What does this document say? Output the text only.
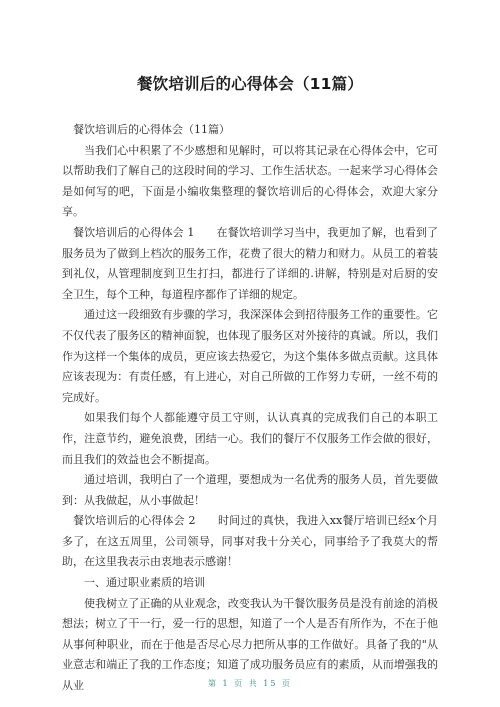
餐饮培训后的心得体会（11篇）

餐饮培训后的心得体会（11篇）

当我们心中积累了不少感想和见解时，可以将其记录在心得体会中，它可以帮助我们了解自己的这段时间的学习、工作生活状态。一起来学习心得体会是如何写的吧，下面是小编收集整理的餐饮培训后的心得体会，欢迎大家分享。

餐饮培训后的心得体会 1　　在餐饮培训学习当中，我更加了解，也看到了服务员为了做到上档次的服务工作，花费了很大的精力和财力。从员工的着装到礼仪，从管理制度到卫生打扫，都进行了详细的.讲解，特别是对后厨的安全卫生，每个工种，每道程序都作了详细的规定。

通过这一段细致有步骤的学习，我深深体会到招待服务工作的重要性。它不仅代表了服务区的精神面貌，也体现了服务区对外接待的真诚。所以，我们作为这样一个集体的成员，更应该去热爱它，为这个集体多做点贡献。这具体应该表现为：有责任感，有上进心，对自己所做的工作努力专研，一丝不苟的完成好。

如果我们每个人都能遵守员工守则，认认真真的完成我们自己的本职工作，注意节约，避免浪费，团结一心。我们的餐厅不仅服务工作会做的很好，而且我们的效益也会不断提高。

通过培训，我明白了一个道理，要想成为一名优秀的服务人员，首先要做到：从我做起，从小事做起！

餐饮培训后的心得体会 2　　时间过的真快，我进入xx餐厅培训已经x个月多了，在这五周里，公司领导，同事对我十分关心，同事给予了我莫大的帮助，在这里我表示由衷地表示感谢！

一、通过职业素质的培训

使我树立了正确的从业观念，改变我认为干餐饮服务员是没有前途的消极想法；树立了干一行，爱一行的思想，知道了一个人是否有所作为，不在于他从事何种职业，而在于他是否尽心尽力把所从事的工作做好。具备了我的"从业意志和端正了我的工作态度；知道了成功服务员应有的素质，从而增强我的从业	第 1 页 共 15 页
